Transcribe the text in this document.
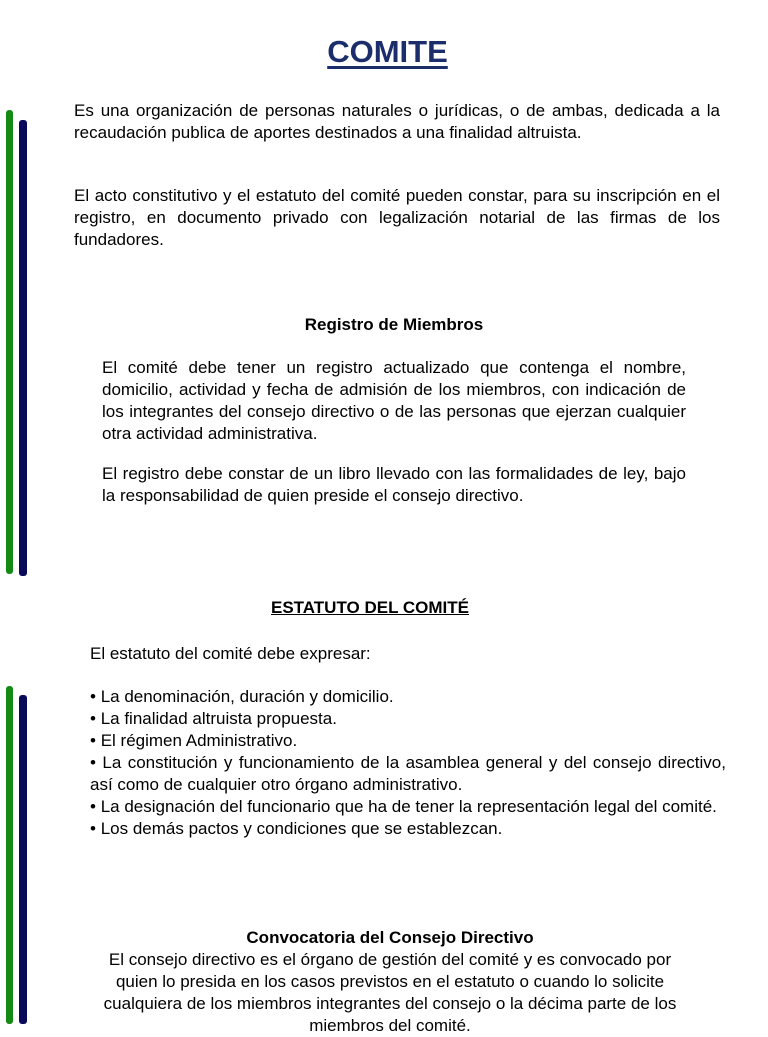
COMITE

Es una organización de personas naturales o jurídicas, o de ambas, dedicada a la recaudación publica de aportes destinados a una finalidad altruista.

El acto constitutivo y el estatuto del comité pueden constar, para su inscripción en el registro, en documento privado con legalización notarial de las firmas de los fundadores.

Registro de Miembros

El comité debe tener un registro actualizado que contenga el nombre, domicilio, actividad y fecha de admisión de los miembros, con indicación de los integrantes del consejo directivo o de las personas que ejerzan cualquier otra actividad administrativa.

El registro debe constar de un libro llevado con las formalidades de ley, bajo la responsabilidad de quien preside el consejo directivo.

ESTATUTO DEL COMITÉ

El estatuto del comité debe expresar:

• La denominación, duración y domicilio.
• La finalidad altruista propuesta.
• El régimen Administrativo.
• La constitución y funcionamiento de la asamblea general y del consejo directivo, así como de cualquier otro órgano administrativo.
• La designación del funcionario que ha de tener la representación legal del comité.
• Los demás pactos y condiciones que se establezcan.

Convocatoria del Consejo Directivo

El consejo directivo es el órgano de gestión del comité y es convocado por quien lo presida en los casos previstos en el estatuto o cuando lo solicite cualquiera de los miembros integrantes del consejo o la décima parte de los miembros del comité.
